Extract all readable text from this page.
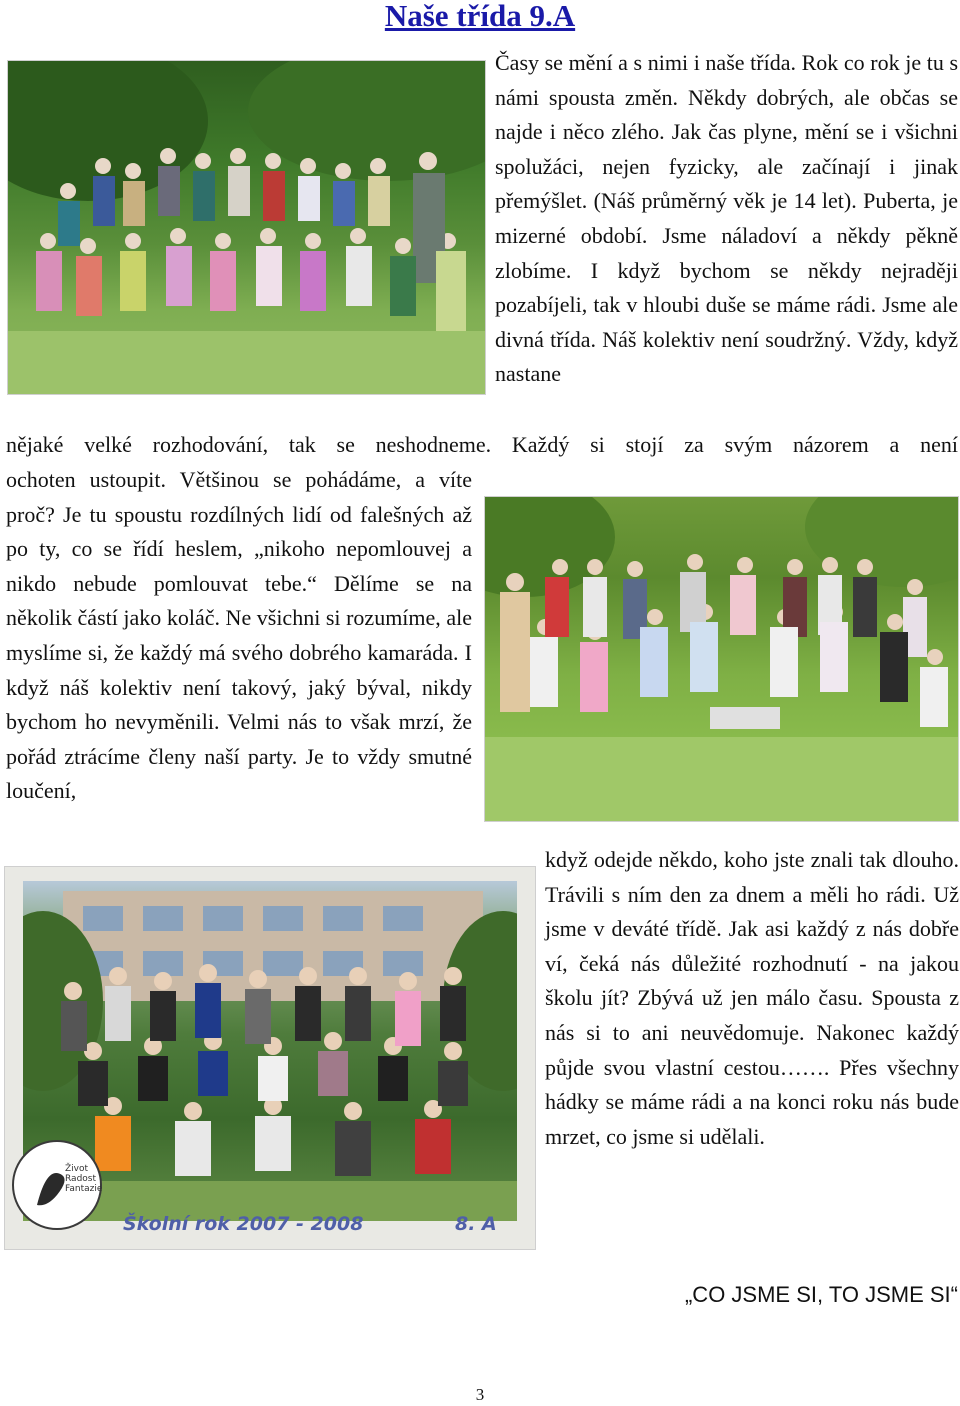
Naše třída 9.A

Časy se mění a s nimi i naše třída. Rok co rok je tu s námi spousta změn. Někdy dobrých, ale občas se najde i něco zlého. Jak čas plyne, mění se i všichni spolužáci, nejen fyzicky, ale začínají i jinak přemýšlet. (Náš průměrný věk je 14 let). Puberta, je mizerné období. Jsme náladoví a někdy pěkně zlobíme. I když bychom se někdy nejraději pozabíjeli, tak v hloubi duše se máme rádi. Jsme ale divná třída. Náš kolektiv není soudržný. Vždy, když nastane

nějaké velké rozhodování, tak se neshodneme. Každý si stojí za svým názorem a není

ochoten ustoupit. Většinou se pohádáme, a víte proč? Je tu spoustu rozdílných lidí od falešných až po ty, co se řídí heslem, „nikoho nepomlouvej a nikdo nebude pomlouvat tebe.“ Dělíme se na několik částí jako koláč. Ne všichni si rozumíme, ale myslíme si, že každý má svého dobrého kamaráda. I když náš kolektiv není takový, jaký býval, nikdy bychom ho nevyměnili. Velmi nás to však mrzí, že pořád ztrácíme členy naší party. Je to vždy smutné loučení,

Život Radost Fantazie
Školní rok 2007 - 2008	8. A

když odejde někdo, koho jste znali tak dlouho. Trávili s ním den za dnem a měli ho rádi. Už jsme v deváté třídě. Jak asi každý z nás dobře ví, čeká nás důležité rozhodnutí - na jakou školu jít? Zbývá už jen málo času. Spousta z nás si to ani neuvědomuje. Nakonec každý půjde svou vlastní cestou……. Přes všechny hádky se máme rádi a na konci roku nás bude mrzet, co jsme si udělali.

„CO JSME SI, TO JSME SI“

3
